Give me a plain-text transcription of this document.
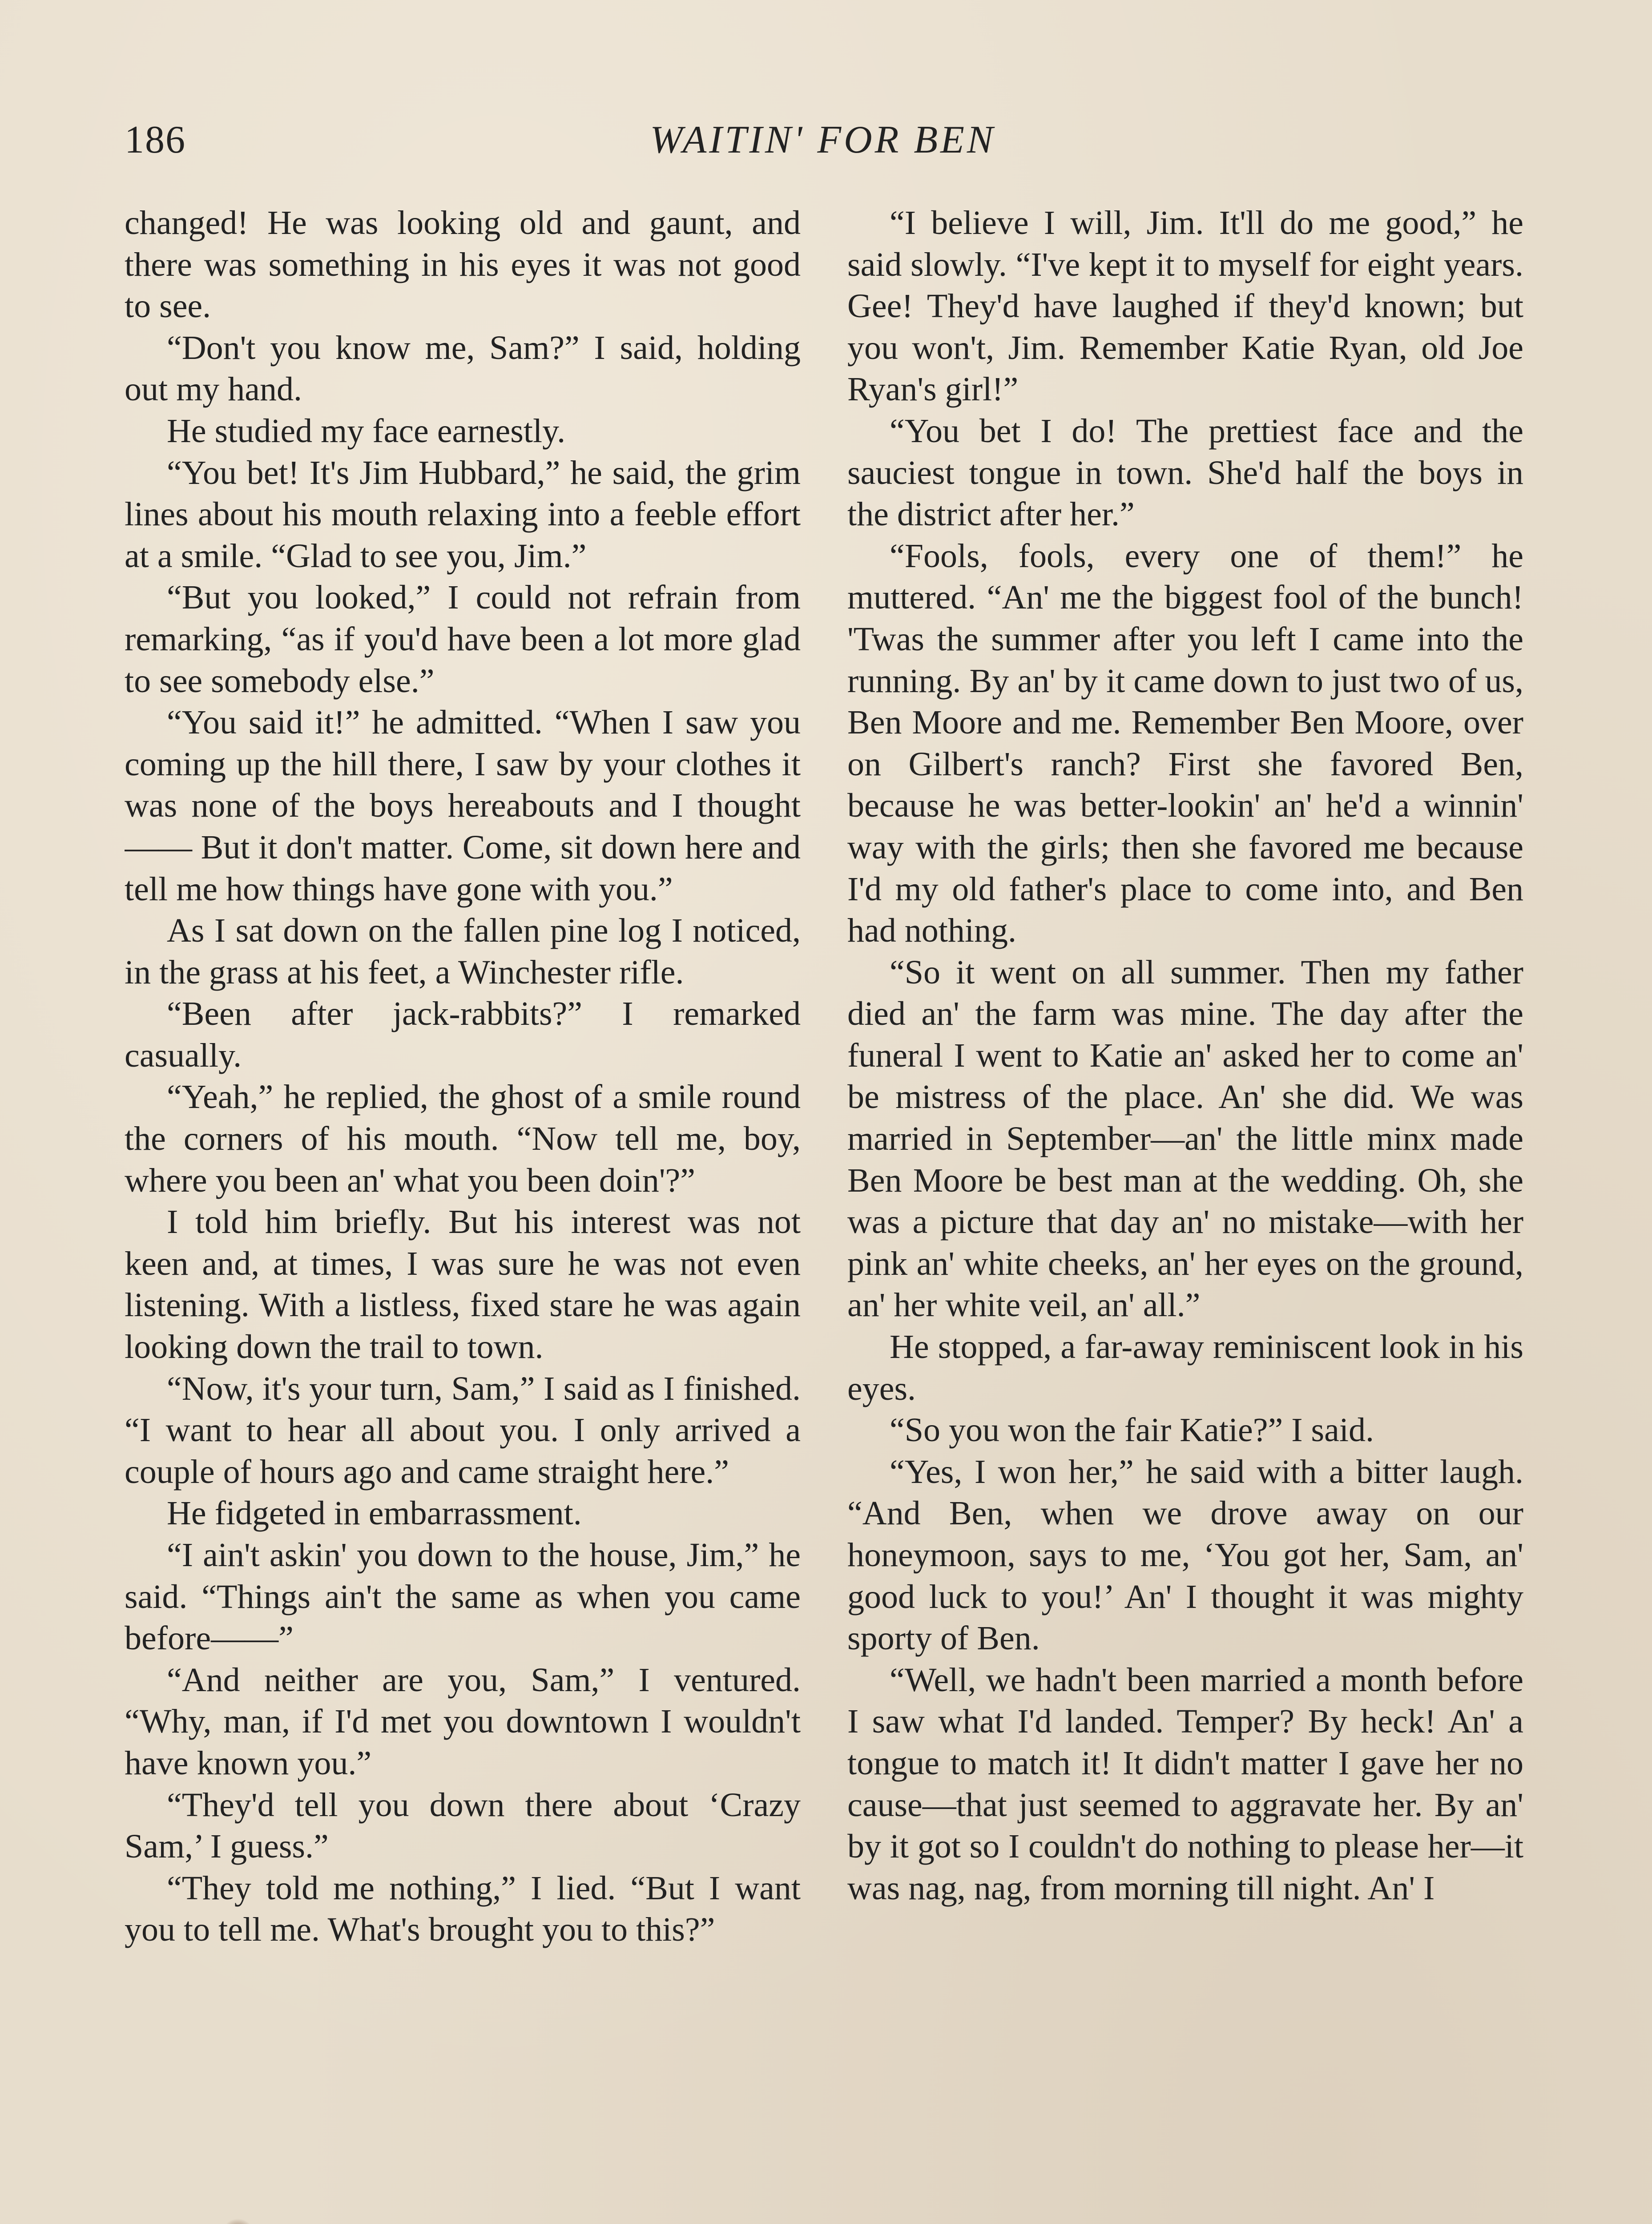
186	WAITIN' FOR BEN

changed! He was looking old and gaunt, and there was something in his eyes it was not good to see.

“Don't you know me, Sam?” I said, holding out my hand.

He studied my face earnestly.

“You bet! It's Jim Hubbard,” he said, the grim lines about his mouth relaxing into a feeble effort at a smile. “Glad to see you, Jim.”

“But you looked,” I could not refrain from remarking, “as if you'd have been a lot more glad to see somebody else.”

“You said it!” he admitted. “When I saw you coming up the hill there, I saw by your clothes it was none of the boys hereabouts and I thought—— But it don't matter. Come, sit down here and tell me how things have gone with you.”

As I sat down on the fallen pine log I noticed, in the grass at his feet, a Winchester rifle.

“Been after jack-rabbits?” I remarked casually.

“Yeah,” he replied, the ghost of a smile round the corners of his mouth. “Now tell me, boy, where you been an' what you been doin'?”

I told him briefly. But his interest was not keen and, at times, I was sure he was not even listening. With a listless, fixed stare he was again looking down the trail to town.

“Now, it's your turn, Sam,” I said as I finished. “I want to hear all about you. I only arrived a couple of hours ago and came straight here.”

He fidgeted in embarrassment.

“I ain't askin' you down to the house, Jim,” he said. “Things ain't the same as when you came before——”

“And neither are you, Sam,” I ventured. “Why, man, if I'd met you downtown I wouldn't have known you.”

“They'd tell you down there about ‘Crazy Sam,’ I guess.”

“They told me nothing,” I lied. “But I want you to tell me. What's brought you to this?”

“I believe I will, Jim. It'll do me good,” he said slowly. “I've kept it to myself for eight years. Gee! They'd have laughed if they'd known; but you won't, Jim. Remember Katie Ryan, old Joe Ryan's girl!”

“You bet I do! The prettiest face and the sauciest tongue in town. She'd half the boys in the district after her.”

“Fools, fools, every one of them!” he muttered. “An' me the biggest fool of the bunch! 'Twas the summer after you left I came into the running. By an' by it came down to just two of us, Ben Moore and me. Remember Ben Moore, over on Gilbert's ranch? First she favored Ben, because he was better-lookin' an' he'd a winnin' way with the girls; then she favored me because I'd my old father's place to come into, and Ben had nothing.

“So it went on all summer. Then my father died an' the farm was mine. The day after the funeral I went to Katie an' asked her to come an' be mistress of the place. An' she did. We was married in September—an' the little minx made Ben Moore be best man at the wedding. Oh, she was a picture that day an' no mistake—with her pink an' white cheeks, an' her eyes on the ground, an' her white veil, an' all.”

He stopped, a far-away reminiscent look in his eyes.

“So you won the fair Katie?” I said.

“Yes, I won her,” he said with a bitter laugh. “And Ben, when we drove away on our honeymoon, says to me, ‘You got her, Sam, an' good luck to you!’ An' I thought it was mighty sporty of Ben.

“Well, we hadn't been married a month before I saw what I'd landed. Temper? By heck! An' a tongue to match it! It didn't matter I gave her no cause—that just seemed to aggravate her. By an' by it got so I couldn't do nothing to please her—it was nag, nag, from morning till night. An' I
